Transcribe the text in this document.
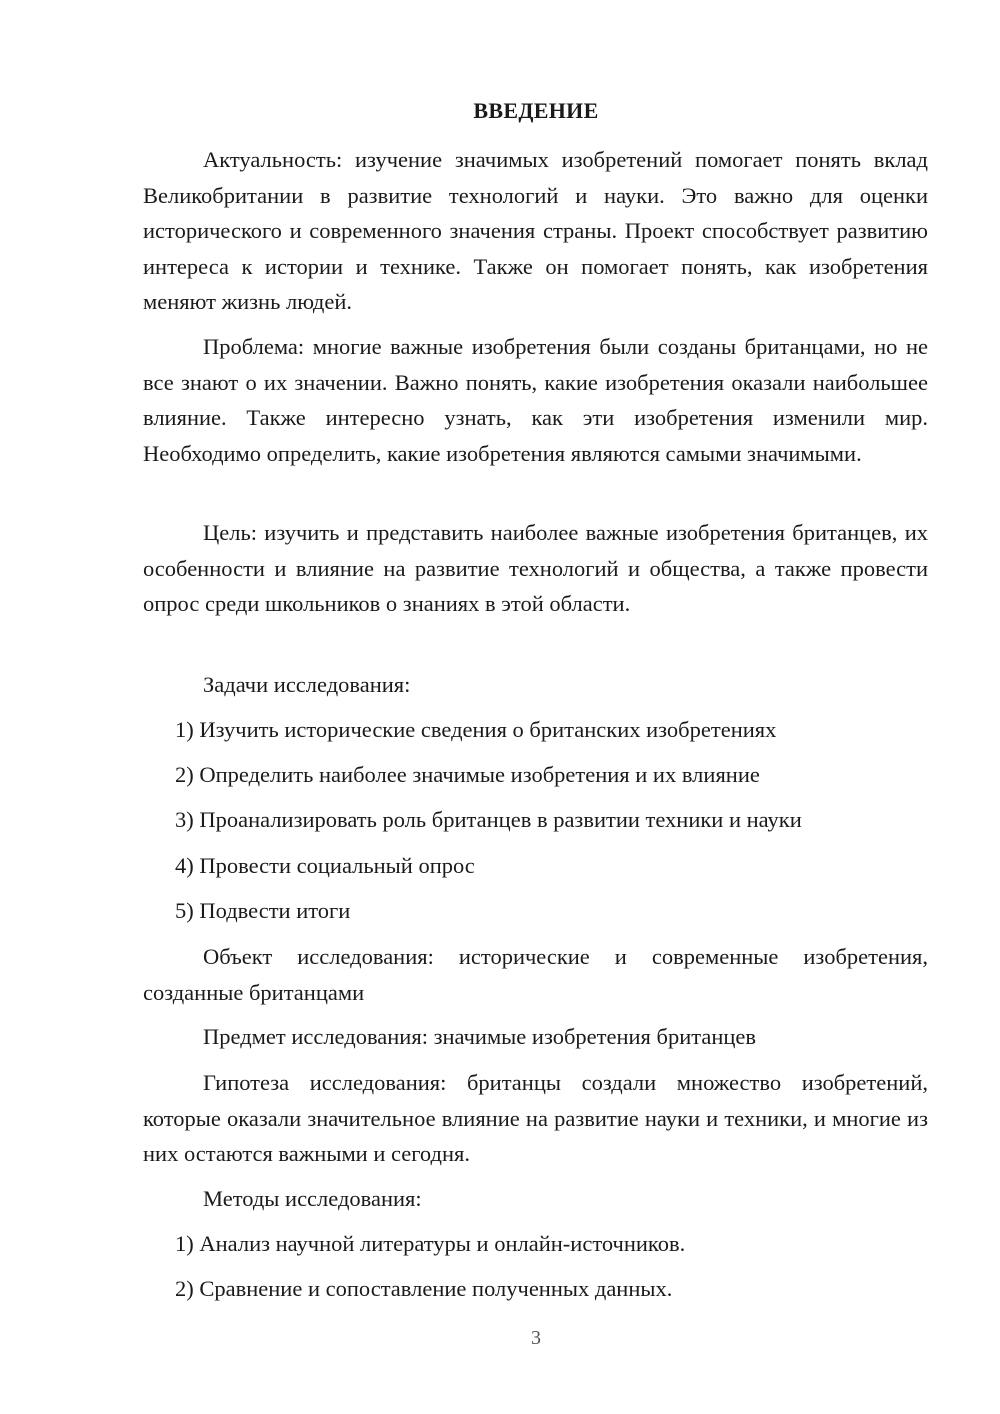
ВВЕДЕНИЕ

Актуальность: изучение значимых изобретений помогает понять вклад Великобритании в развитие технологий и науки. Это важно для оценки исторического и современного значения страны. Проект способствует развитию интереса к истории и технике. Также он помогает понять, как изобретения меняют жизнь людей.

Проблема: многие важные изобретения были созданы британцами, но не все знают о их значении. Важно понять, какие изобретения оказали наибольшее влияние. Также интересно узнать, как эти изобретения изменили мир. Необходимо определить, какие изобретения являются самыми значимыми.

Цель: изучить и представить наиболее важные изобретения британцев, их особенности и влияние на развитие технологий и общества, а также провести опрос среди школьников о знаниях в этой области.

Задачи исследования:

1) Изучить исторические сведения о британских изобретениях

2) Определить наиболее значимые изобретения и их влияние

3) Проанализировать роль британцев в развитии техники и науки

4) Провести социальный опрос

5) Подвести итоги

Объект исследования: исторические и современные изобретения, созданные британцами

Предмет исследования: значимые изобретения британцев

Гипотеза исследования: британцы создали множество изобретений, которые оказали значительное влияние на развитие науки и техники, и многие из них остаются важными и сегодня.

Методы исследования:

1) Анализ научной литературы и онлайн-источников.

2) Сравнение и сопоставление полученных данных.

3
